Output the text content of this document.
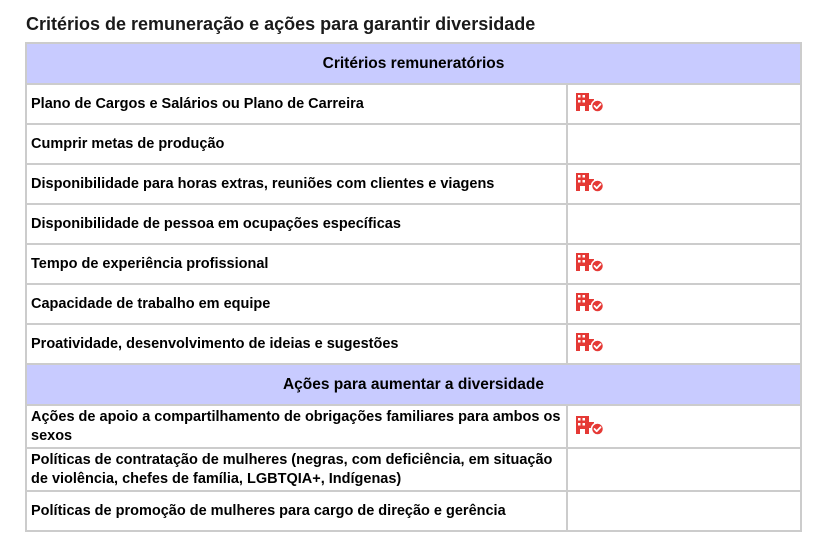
Critérios de remuneração e ações para garantir diversidade
Critérios remuneratórios	
Plano de Cargos e Salários ou Plano de Carreira	
Cumprir metas de produção	
Disponibilidade para horas extras, reuniões com clientes e viagens	
Disponibilidade de pessoa em ocupações específicas	
Tempo de experiência profissional	
Capacidade de trabalho em equipe	
Proatividade, desenvolvimento de ideias e sugestões	
Ações para aumentar a diversidade	
Ações de apoio a compartilhamento de obrigações familiares para ambos os sexos	
Políticas de contratação de mulheres (negras, com deficiência, em situação de violência, chefes de família, LGBTQIA+, Indígenas)	
Políticas de promoção de mulheres para cargo de direção e gerência	
